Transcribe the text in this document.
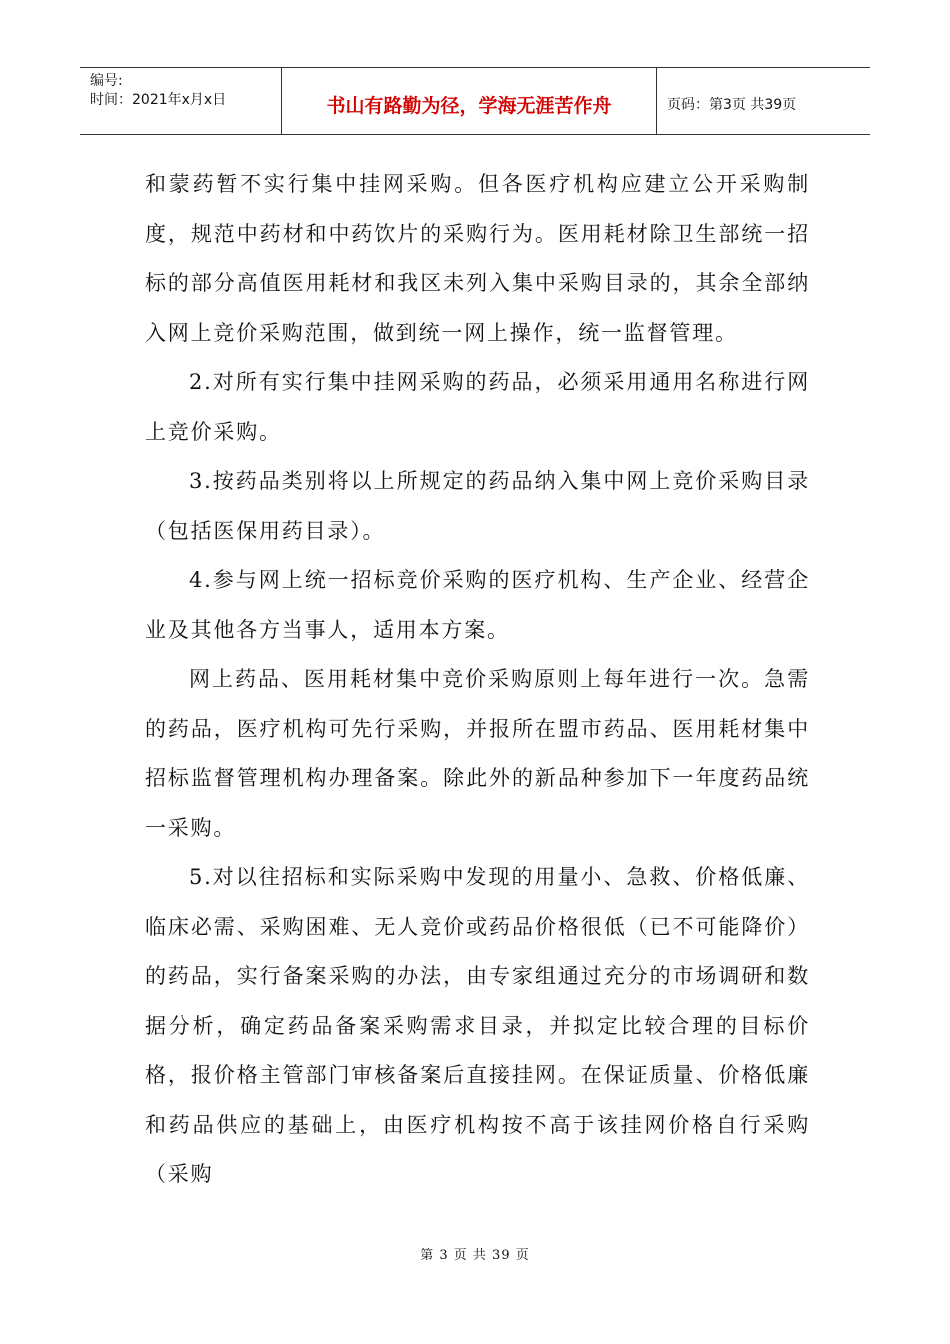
编号:
时间：2021年x月x日	书山有路勤为径，学海无涯苦作舟	页码：第3页 共39页

和蒙药暂不实行集中挂网采购。但各医疗机构应建立公开采购制度，规范中药材和中药饮片的采购行为。医用耗材除卫生部统一招标的部分高值医用耗材和我区未列入集中采购目录的，其余全部纳入网上竞价采购范围，做到统一网上操作，统一监督管理。

2.对所有实行集中挂网采购的药品，必须采用通用名称进行网上竞价采购。

3.按药品类别将以上所规定的药品纳入集中网上竞价采购目录（包括医保用药目录）。

4.参与网上统一招标竞价采购的医疗机构、生产企业、经营企业及其他各方当事人，适用本方案。

网上药品、医用耗材集中竞价采购原则上每年进行一次。急需的药品，医疗机构可先行采购，并报所在盟市药品、医用耗材集中招标监督管理机构办理备案。除此外的新品种参加下一年度药品统一采购。

5.对以往招标和实际采购中发现的用量小、急救、价格低廉、临床必需、采购困难、无人竞价或药品价格很低（已不可能降价）的药品，实行备案采购的办法，由专家组通过充分的市场调研和数据分析，确定药品备案采购需求目录，并拟定比较合理的目标价格，报价格主管部门审核备案后直接挂网。在保证质量、价格低廉和药品供应的基础上，由医疗机构按不高于该挂网价格自行采购（采购

第 3 页 共 39 页
